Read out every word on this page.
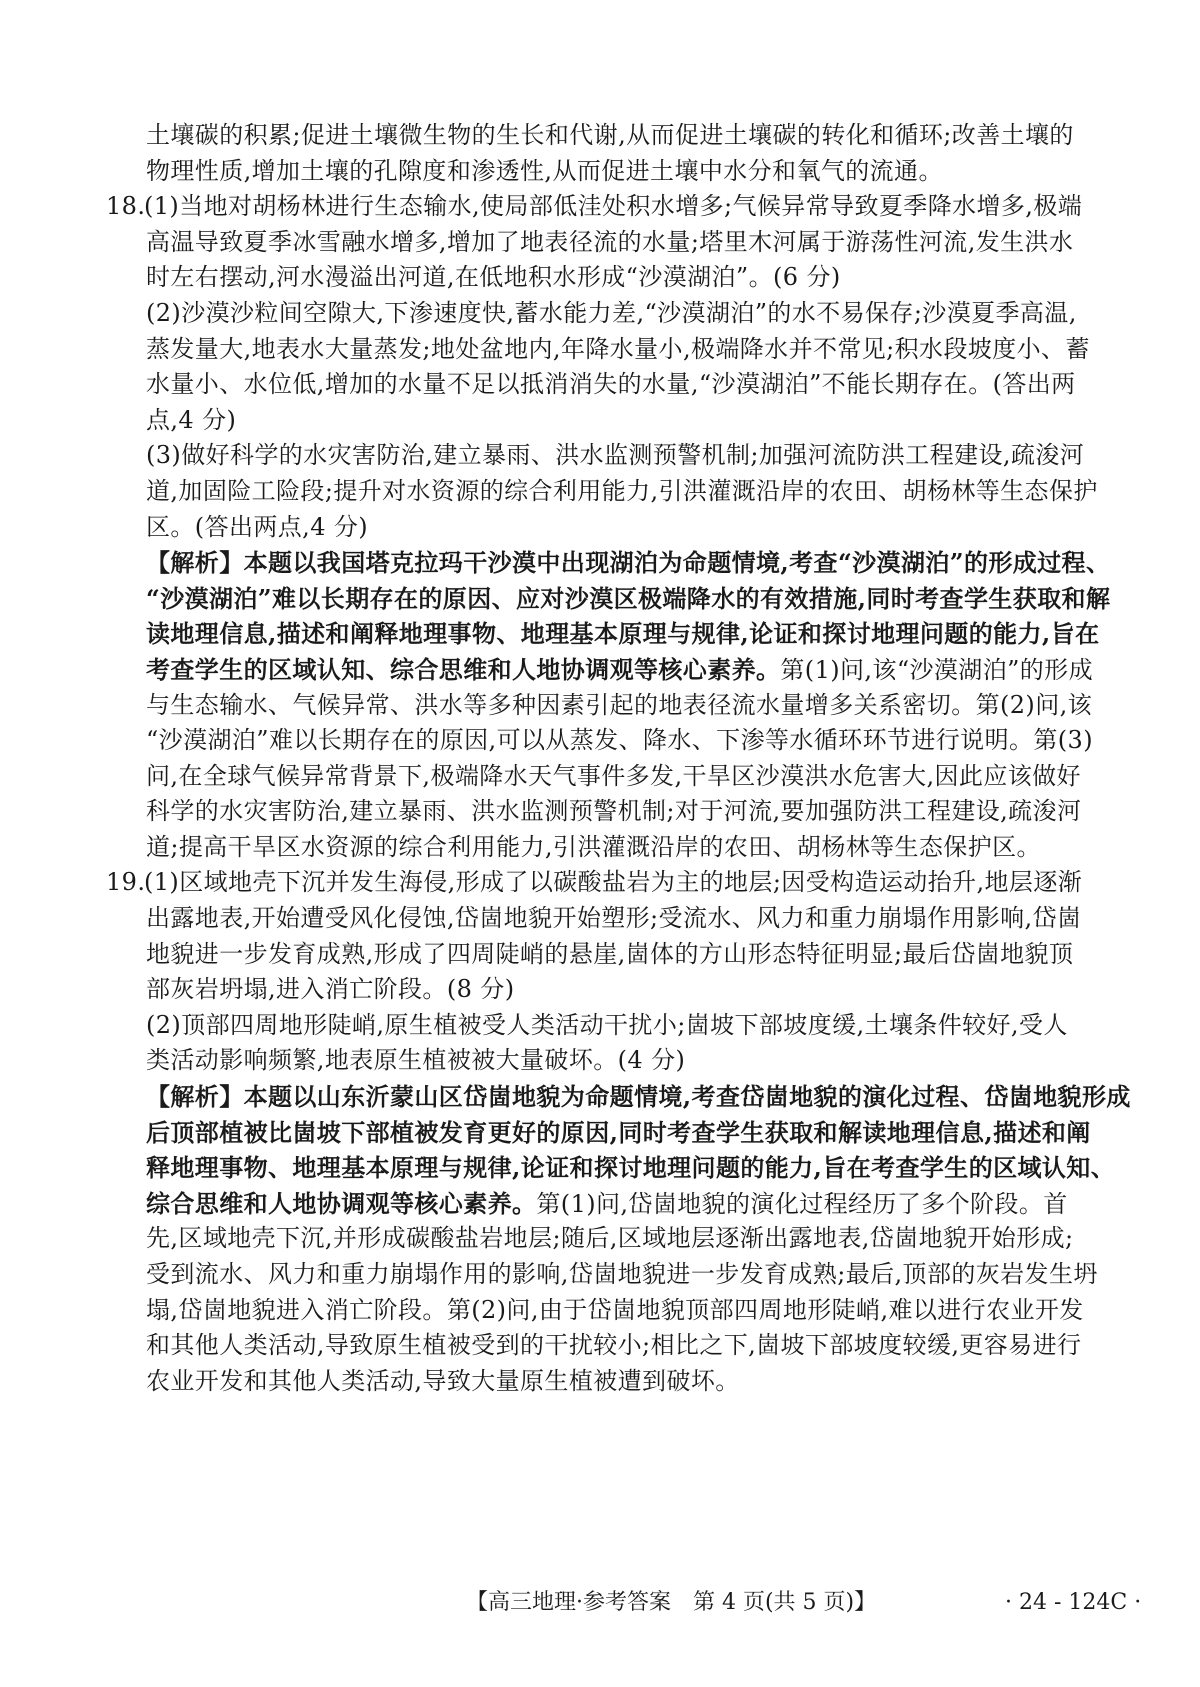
土壤碳的积累;促进土壤微生物的生长和代谢,从而促进土壤碳的转化和循环;改善土壤的
物理性质,增加土壤的孔隙度和渗透性,从而促进土壤中水分和氧气的流通。
18.(1)当地对胡杨林进行生态输水,使局部低洼处积水增多;气候异常导致夏季降水增多,极端
高温导致夏季冰雪融水增多,增加了地表径流的水量;塔里木河属于游荡性河流,发生洪水
时左右摆动,河水漫溢出河道,在低地积水形成“沙漠湖泊”。(6 分)
(2)沙漠沙粒间空隙大,下渗速度快,蓄水能力差,“沙漠湖泊”的水不易保存;沙漠夏季高温,
蒸发量大,地表水大量蒸发;地处盆地内,年降水量小,极端降水并不常见;积水段坡度小、蓄
水量小、水位低,增加的水量不足以抵消消失的水量,“沙漠湖泊”不能长期存在。(答出两
点,4 分)
(3)做好科学的水灾害防治,建立暴雨、洪水监测预警机制;加强河流防洪工程建设,疏浚河
道,加固险工险段;提升对水资源的综合利用能力,引洪灌溉沿岸的农田、胡杨林等生态保护
区。(答出两点,4 分)
【解析】本题以我国塔克拉玛干沙漠中出现湖泊为命题情境,考查“沙漠湖泊”的形成过程、
“沙漠湖泊”难以长期存在的原因、应对沙漠区极端降水的有效措施,同时考查学生获取和解
读地理信息,描述和阐释地理事物、地理基本原理与规律,论证和探讨地理问题的能力,旨在
考查学生的区域认知、综合思维和人地协调观等核心素养。第(1)问,该“沙漠湖泊”的形成
与生态输水、气候异常、洪水等多种因素引起的地表径流水量增多关系密切。第(2)问,该
“沙漠湖泊”难以长期存在的原因,可以从蒸发、降水、下渗等水循环环节进行说明。第(3)
问,在全球气候异常背景下,极端降水天气事件多发,干旱区沙漠洪水危害大,因此应该做好
科学的水灾害防治,建立暴雨、洪水监测预警机制;对于河流,要加强防洪工程建设,疏浚河
道;提高干旱区水资源的综合利用能力,引洪灌溉沿岸的农田、胡杨林等生态保护区。
19.(1)区域地壳下沉并发生海侵,形成了以碳酸盐岩为主的地层;因受构造运动抬升,地层逐渐
出露地表,开始遭受风化侵蚀,岱崮地貌开始塑形;受流水、风力和重力崩塌作用影响,岱崮
地貌进一步发育成熟,形成了四周陡峭的悬崖,崮体的方山形态特征明显;最后岱崮地貌顶
部灰岩坍塌,进入消亡阶段。(8 分)
(2)顶部四周地形陡峭,原生植被受人类活动干扰小;崮坡下部坡度缓,土壤条件较好,受人
类活动影响频繁,地表原生植被被大量破坏。(4 分)
【解析】本题以山东沂蒙山区岱崮地貌为命题情境,考查岱崮地貌的演化过程、岱崮地貌形成
后顶部植被比崮坡下部植被发育更好的原因,同时考查学生获取和解读地理信息,描述和阐
释地理事物、地理基本原理与规律,论证和探讨地理问题的能力,旨在考查学生的区域认知、
综合思维和人地协调观等核心素养。第(1)问,岱崮地貌的演化过程经历了多个阶段。首
先,区域地壳下沉,并形成碳酸盐岩地层;随后,区域地层逐渐出露地表,岱崮地貌开始形成;
受到流水、风力和重力崩塌作用的影响,岱崮地貌进一步发育成熟;最后,顶部的灰岩发生坍
塌,岱崮地貌进入消亡阶段。第(2)问,由于岱崮地貌顶部四周地形陡峭,难以进行农业开发
和其他人类活动,导致原生植被受到的干扰较小;相比之下,崮坡下部坡度较缓,更容易进行
农业开发和其他人类活动,导致大量原生植被遭到破坏。
【高三地理·参考答案　第 4 页(共 5 页)】	· 24 - 124C ·
